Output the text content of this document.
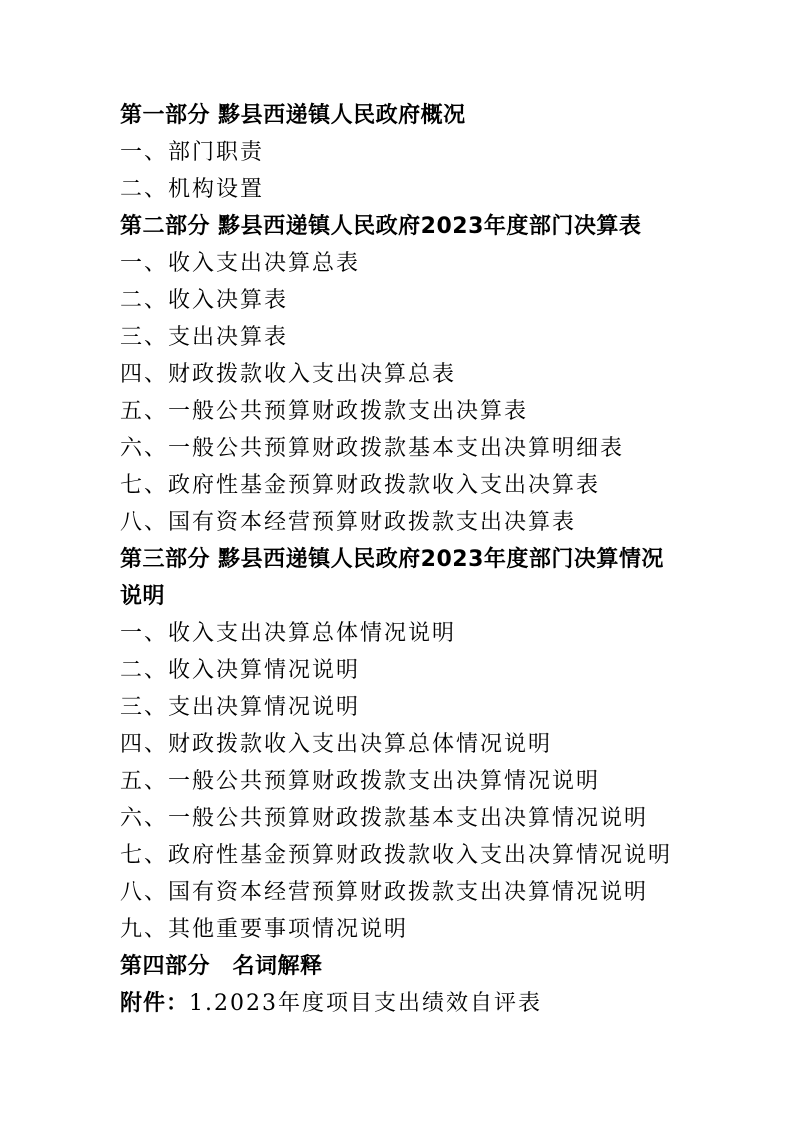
第一部分 黟县西递镇人民政府概况
一、部门职责
二、机构设置
第二部分 黟县西递镇人民政府2023年度部门决算表
一、收入支出决算总表
二、收入决算表
三、支出决算表
四、财政拨款收入支出决算总表
五、一般公共预算财政拨款支出决算表
六、一般公共预算财政拨款基本支出决算明细表
七、政府性基金预算财政拨款收入支出决算表
八、国有资本经营预算财政拨款支出决算表
第三部分 黟县西递镇人民政府2023年度部门决算情况说明
一、收入支出决算总体情况说明
二、收入决算情况说明
三、支出决算情况说明
四、财政拨款收入支出决算总体情况说明
五、一般公共预算财政拨款支出决算情况说明
六、一般公共预算财政拨款基本支出决算情况说明
七、政府性基金预算财政拨款收入支出决算情况说明
八、国有资本经营预算财政拨款支出决算情况说明
九、其他重要事项情况说明
第四部分　名词解释
附件：1.2023年度项目支出绩效自评表
